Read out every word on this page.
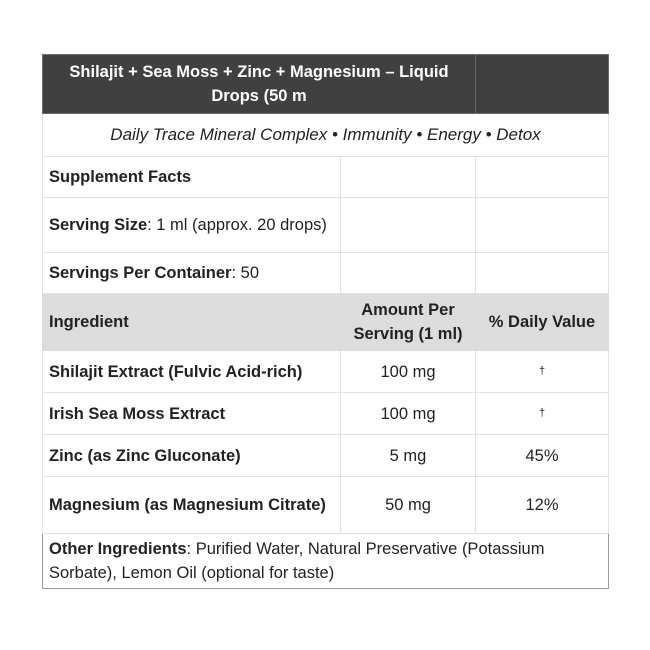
Shilajit + Sea Moss + Zinc + Magnesium – Liquid Drops (50 m		
Daily Trace Mineral Complex • Immunity • Energy • Detox		
Supplement Facts		
Serving Size: 1 ml (approx. 20 drops)		
Servings Per Container: 50		
Ingredient	Amount Per Serving (1 ml)	% Daily Value
Shilajit Extract (Fulvic Acid-rich)	100 mg	†
Irish Sea Moss Extract	100 mg	†
Zinc (as Zinc Gluconate)	5 mg	45%
Magnesium (as Magnesium Citrate)	50 mg	12%
Other Ingredients: Purified Water, Natural Preservative (Potassium Sorbate), Lemon Oil (optional for taste)		
